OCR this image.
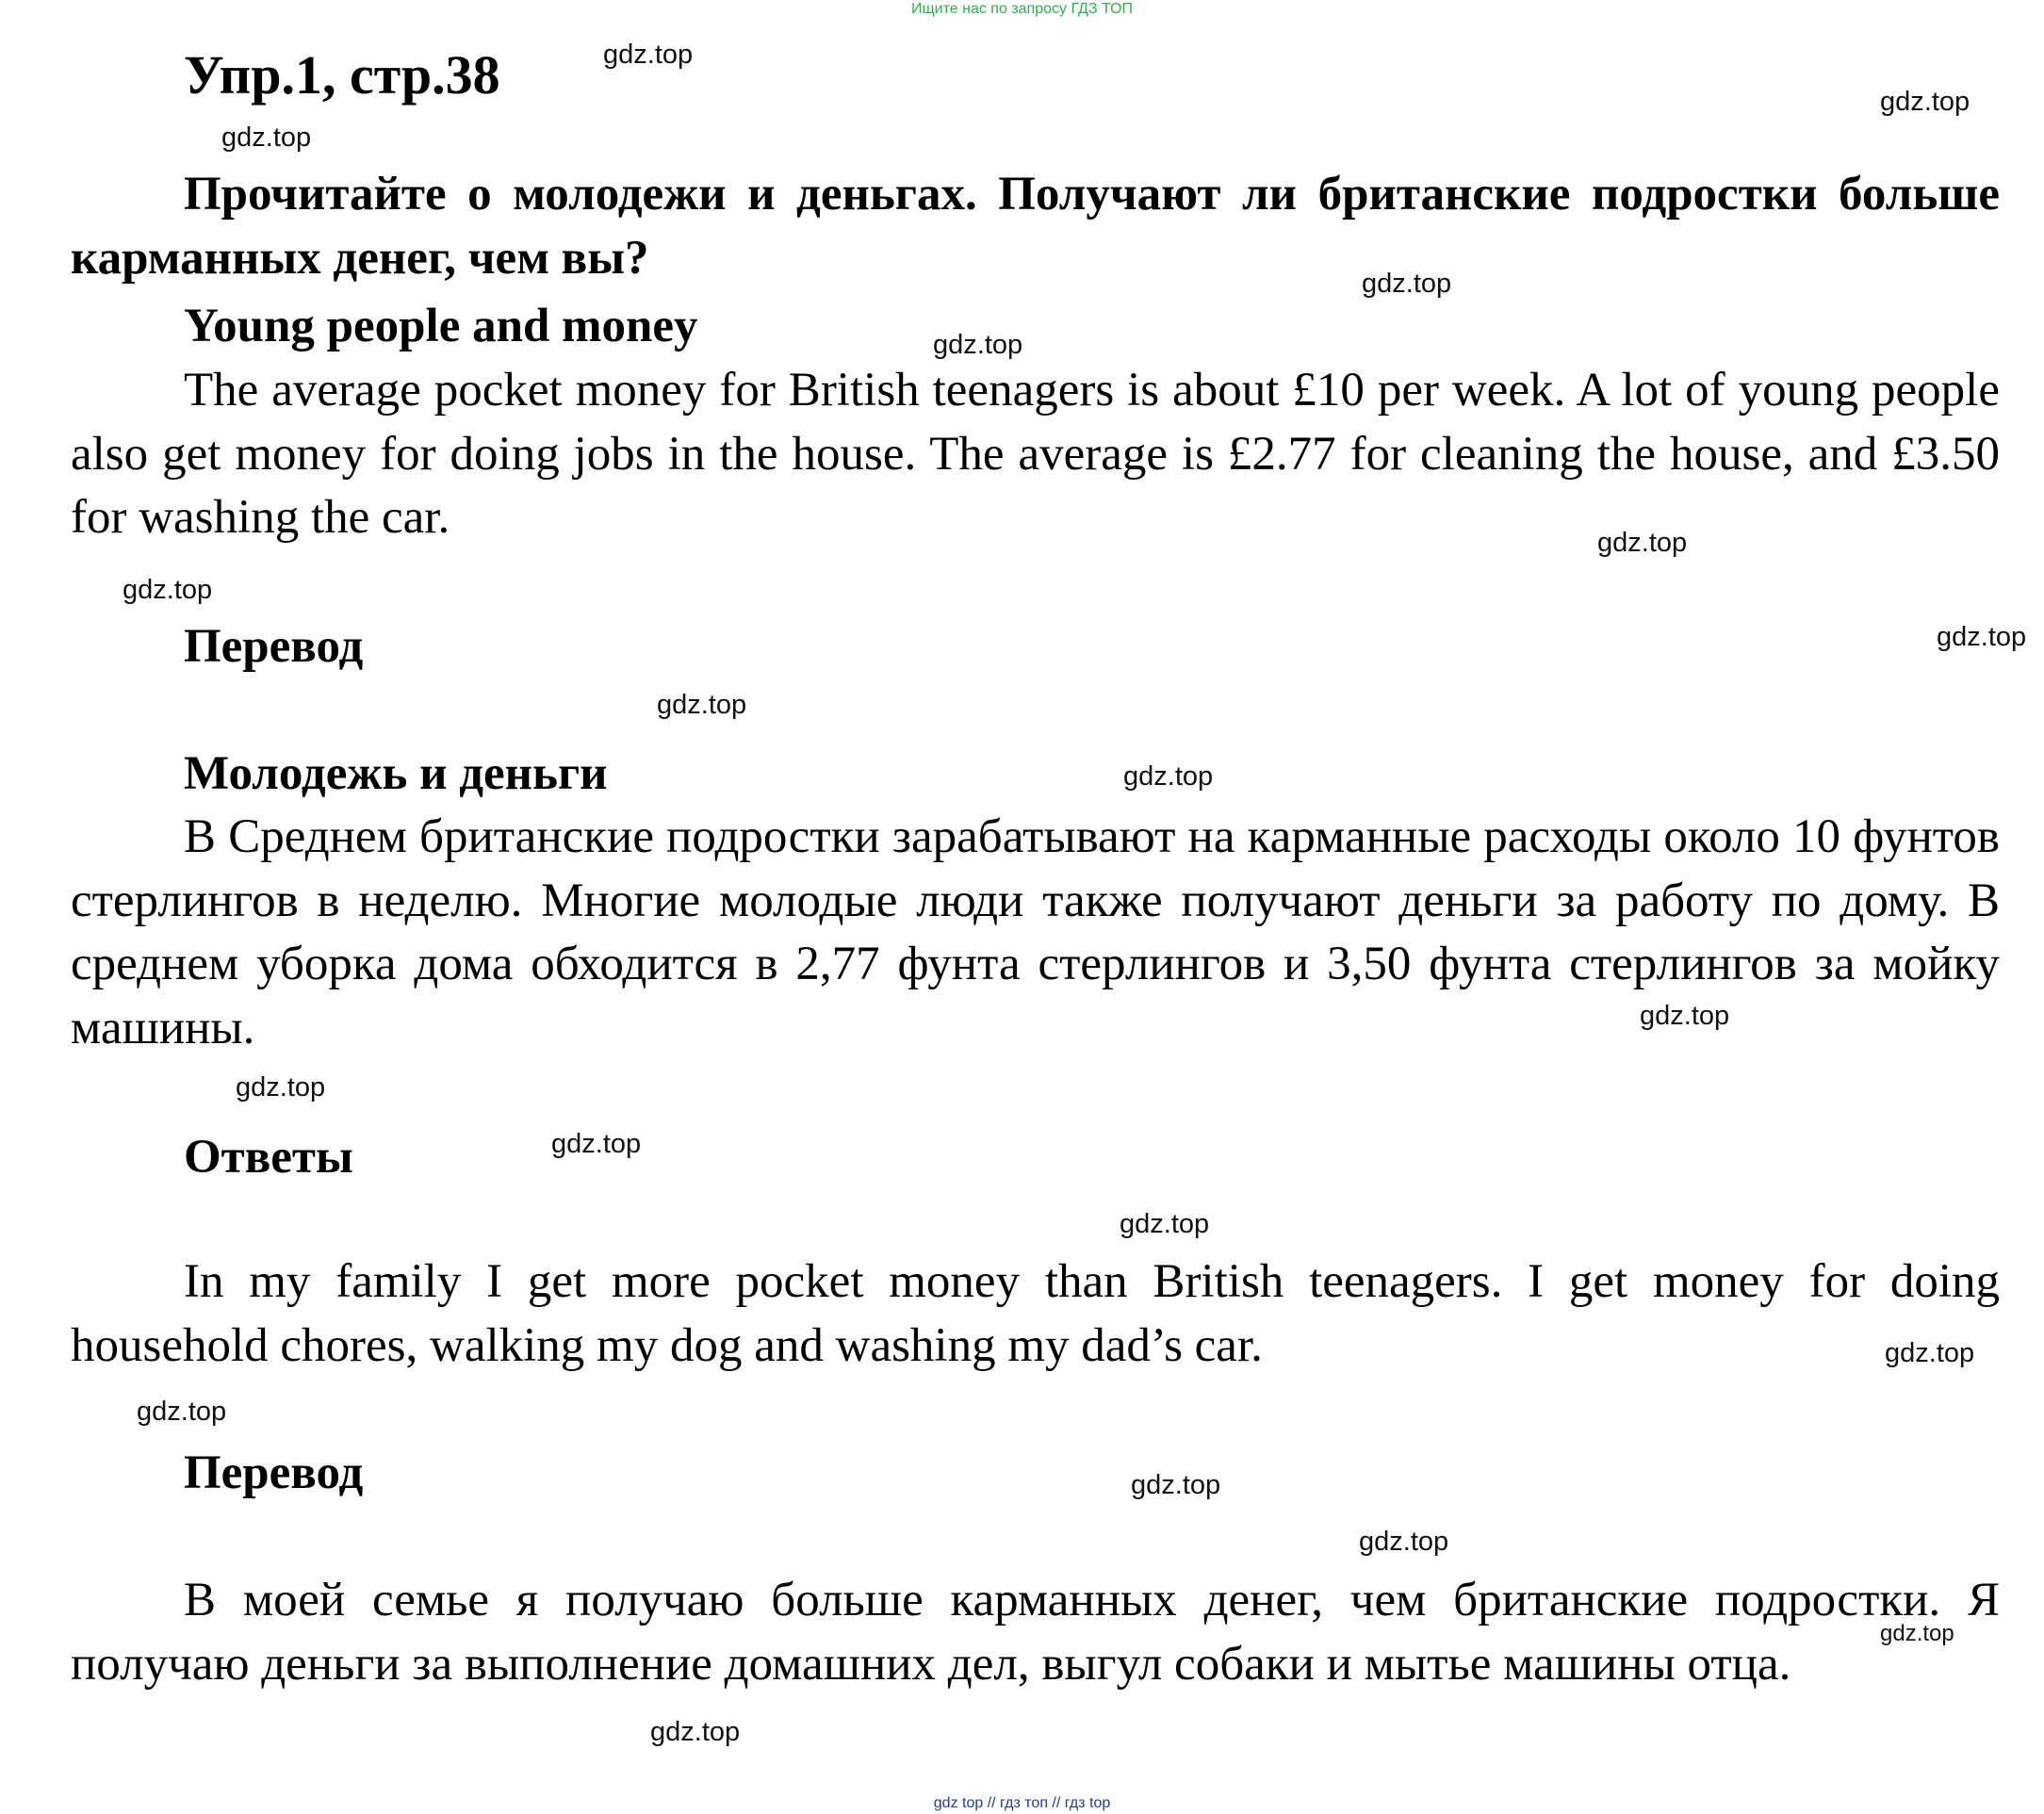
Ищите нас по запросу ГДЗ ТОП
Упр.1, стр.38
Прочитайте о молодежи и деньгах. Получают ли британские подростки больше карманных денег, чем вы?
Young people and money
The average pocket money for British teenagers is about £10 per week. A lot of young people also get money for doing jobs in the house. The average is £2.77 for cleaning the house, and £3.50 for washing the car.
Перевод
Молодежь и деньги
В Среднем британские подростки зарабатывают на карманные расходы около 10 фунтов стерлингов в неделю. Многие молодые люди также получают деньги за работу по дому. В среднем уборка дома обходится в 2,77 фунта стерлингов и 3,50 фунта стерлингов за мойку машины.
Ответы
In my family I get more pocket money than British teenagers. I get money for doing household chores, walking my dog and washing my dad’s car.
Перевод
В моей семье я получаю больше карманных денег, чем британские подростки. Я получаю деньги за выполнение домашних дел, выгул собаки и мытье машины отца.
gdz.top
gdz.top
gdz.top
gdz.top
gdz.top
gdz.top
gdz.top
gdz.top
gdz.top
gdz.top
gdz.top
gdz.top
gdz.top
gdz.top
gdz.top
gdz.top
gdz.top
gdz.top
gdz.top
gdz.top
gdz top // гдз топ // гдз top
